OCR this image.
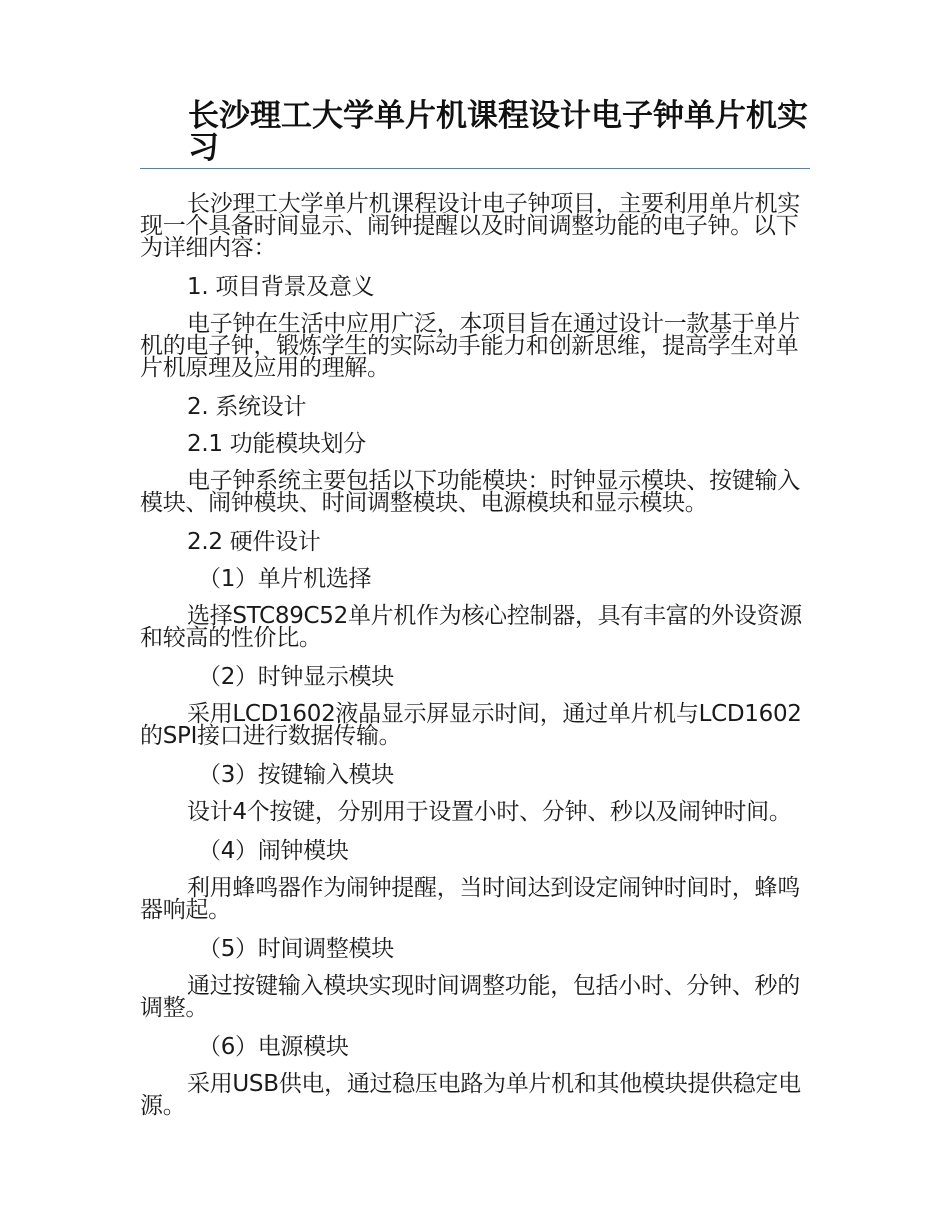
长沙理工大学单片机课程设计电子钟单片机实习

长沙理工大学单片机课程设计电子钟项目，主要利用单片机实现一个具备时间显示、闹钟提醒以及时间调整功能的电子钟。以下为详细内容：

1. 项目背景及意义

电子钟在生活中应用广泛，本项目旨在通过设计一款基于单片机的电子钟，锻炼学生的实际动手能力和创新思维，提高学生对单片机原理及应用的理解。

2. 系统设计

2.1 功能模块划分

电子钟系统主要包括以下功能模块：时钟显示模块、按键输入模块、闹钟模块、时间调整模块、电源模块和显示模块。

2.2 硬件设计

（1）单片机选择

选择STC89C52单片机作为核心控制器，具有丰富的外设资源和较高的性价比。

（2）时钟显示模块

采用LCD1602液晶显示屏显示时间，通过单片机与LCD1602的SPI接口进行数据传输。

（3）按键输入模块

设计4个按键，分别用于设置小时、分钟、秒以及闹钟时间。

（4）闹钟模块

利用蜂鸣器作为闹钟提醒，当时间达到设定闹钟时间时，蜂鸣器响起。

（5）时间调整模块

通过按键输入模块实现时间调整功能，包括小时、分钟、秒的调整。

（6）电源模块

采用USB供电，通过稳压电路为单片机和其他模块提供稳定电源。
